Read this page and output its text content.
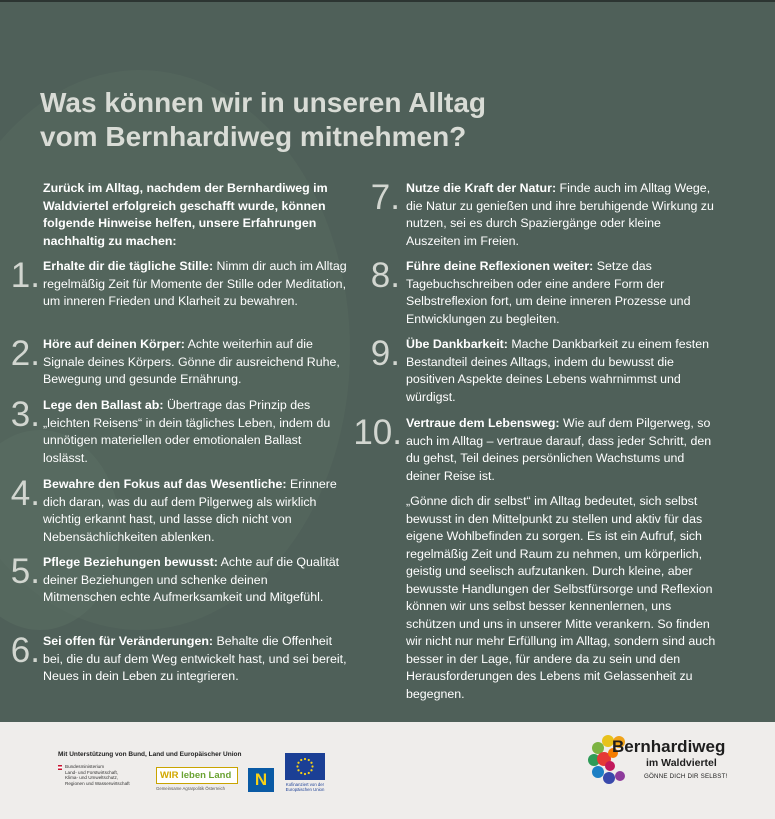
Was können wir in unseren Alltag
vom Bernhardiweg mitnehmen?
Zurück im Alltag, nachdem der Bernhardiweg im Waldviertel erfolgreich geschafft wurde, können folgende Hinweise helfen, unsere Erfahrungen nachhaltig zu machen:
1. Erhalte dir die tägliche Stille: Nimm dir auch im Alltag regelmäßig Zeit für Momente der Stille oder Meditation, um inneren Frieden und Klarheit zu bewahren.
2. Höre auf deinen Körper: Achte weiterhin auf die Signale deines Körpers. Gönne dir ausreichend Ruhe, Bewegung und gesunde Ernährung.
3. Lege den Ballast ab: Übertrage das Prinzip des „leichten Reisens“ in dein tägliches Leben, indem du unnötigen materiellen oder emotionalen Ballast loslässt.
4. Bewahre den Fokus auf das Wesentliche: Erinnere dich daran, was du auf dem Pilgerweg als wirklich wichtig erkannt hast, und lasse dich nicht von Nebensächlichkeiten ablenken.
5. Pflege Beziehungen bewusst: Achte auf die Qualität deiner Beziehungen und schenke deinen Mitmenschen echte Aufmerksamkeit und Mitgefühl.
6. Sei offen für Veränderungen: Behalte die Offenheit bei, die du auf dem Weg entwickelt hast, und sei bereit, Neues in dein Leben zu integrieren.
7. Nutze die Kraft der Natur: Finde auch im Alltag Wege, die Natur zu genießen und ihre beruhigende Wirkung zu nutzen, sei es durch Spaziergänge oder kleine Auszeiten im Freien.
8. Führe deine Reflexionen weiter: Setze das Tagebuchschreiben oder eine andere Form der Selbstreflexion fort, um deine inneren Prozesse und Entwicklungen zu begleiten.
9. Übe Dankbarkeit: Mache Dankbarkeit zu einem festen Bestandteil deines Alltags, indem du bewusst die positiven Aspekte deines Lebens wahrnimmst und würdigst.
10. Vertraue dem Lebensweg: Wie auf dem Pilgerweg, so auch im Alltag – vertraue darauf, dass jeder Schritt, den du gehst, Teil deines persönlichen Wachstums und deiner Reise ist.
„Gönne dich dir selbst“ im Alltag bedeutet, sich selbst bewusst in den Mittelpunkt zu stellen und aktiv für das eigene Wohlbefinden zu sorgen. Es ist ein Aufruf, sich regelmäßig Zeit und Raum zu nehmen, um körperlich, geistig und seelisch aufzutanken. Durch kleine, aber bewusste Handlungen der Selbstfürsorge und Reflexion können wir uns selbst besser kennenlernen, uns schützen und uns in unserer Mitte verankern. So finden wir nicht nur mehr Erfüllung im Alltag, sondern sind auch besser in der Lage, für andere da zu sein und den Herausforderungen des Lebens mit Gelassenheit zu begegnen.
Mit Unterstützung von Bund, Land und Europäischer Union
Bundesministerium
Land- und Forstwirtschaft,
Klima- und Umweltschutz,
Regionen und Wasserwirtschaft
WIR leben Land
Gemeinsame Agrarpolitik Österreich	N	Kofinanziert von der
Europäischen Union
Bernhardiweg
im Waldviertel
GÖNNE DICH DIR SELBST!
